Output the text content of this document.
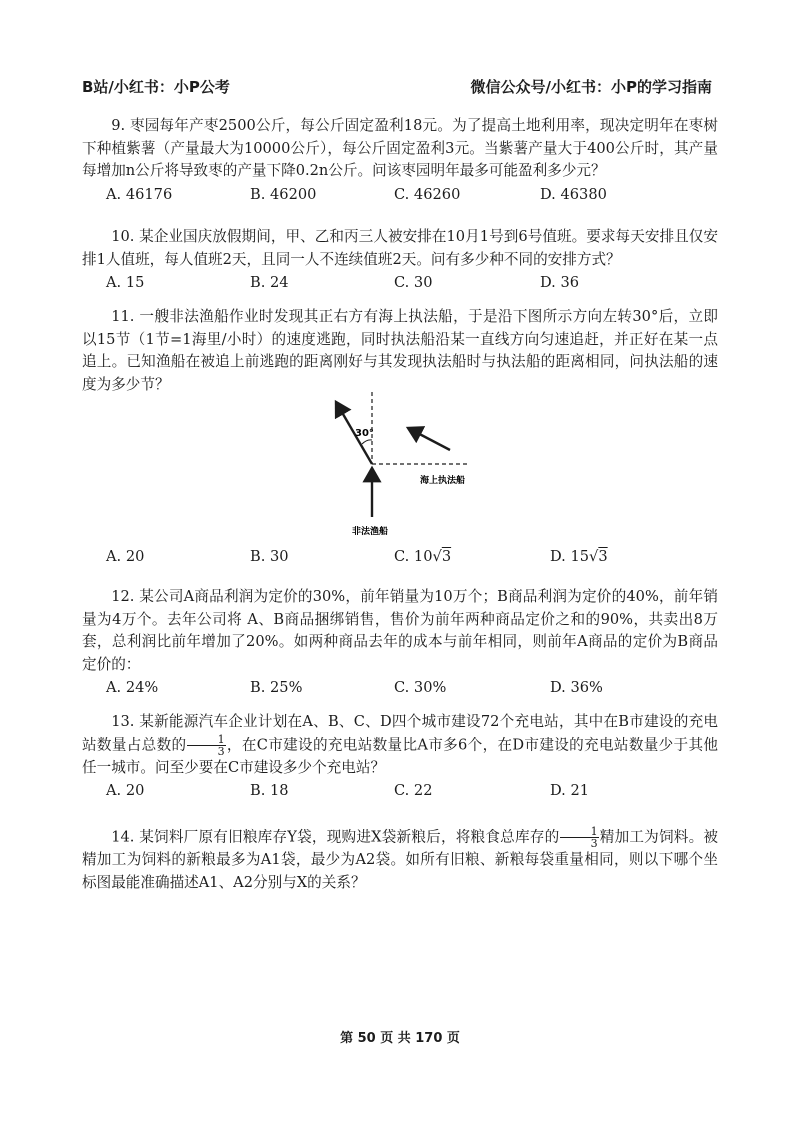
B站/小红书：小P公考	微信公众号/小红书：小P的学习指南

9. 枣园每年产枣2500公斤，每公斤固定盈利18元。为了提高土地利用率，现决定明年在枣树下种植紫薯（产量最大为10000公斤），每公斤固定盈利3元。当紫薯产量大于400公斤时，其产量每增加n公斤将导致枣的产量下降0.2n公斤。问该枣园明年最多可能盈利多少元？

A. 46176	B. 46200	C. 46260	D. 46380

10. 某企业国庆放假期间，甲、乙和丙三人被安排在10月1号到6号值班。要求每天安排且仅安排1人值班，每人值班2天，且同一人不连续值班2天。问有多少种不同的安排方式？

A. 15	B. 24	C. 30	D. 36

11. 一艘非法渔船作业时发现其正右方有海上执法船，于是沿下图所示方向左转30°后，立即以15节（1节=1海里/小时）的速度逃跑，同时执法船沿某一直线方向匀速追赶，并正好在某一点追上。已知渔船在被追上前逃跑的距离刚好与其发现执法船时与执法船的距离相同，问执法船的速度为多少节？

30°
海上执法船
非法渔船
A. 20	B. 30	C. 10√3	D. 15√3

12. 某公司A商品利润为定价的30%，前年销量为10万个；B商品利润为定价的40%，前年销量为4万个。去年公司将 A、B商品捆绑销售，售价为前年两种商品定价之和的90%，共卖出8万套，总利润比前年增加了20%。如两种商品去年的成本与前年相同，则前年A商品的定价为B商品定价的：

A. 24%	B. 25%	C. 30%	D. 36%

13. 某新能源汽车企业计划在A、B、C、D四个城市建设72个充电站，其中在B市建设的充电站数量占总数的 $\frac{1}{3}$ ，在C市建设的充电站数量比A市多6个，在D市建设的充电站数量少于其他任一城市。问至少要在C市建设多少个充电站？

A. 20	B. 18	C. 22	D. 21

14. 某饲料厂原有旧粮库存Y袋，现购进X袋新粮后，将粮食总库存的 $\frac{1}{3}$ 精加工为饲料。被精加工为饲料的新粮最多为A1袋，最少为A2袋。如所有旧粮、新粮每袋重量相同，则以下哪个坐标图最能准确描述A1、A2分别与X的关系？

第 50 页 共 170 页
